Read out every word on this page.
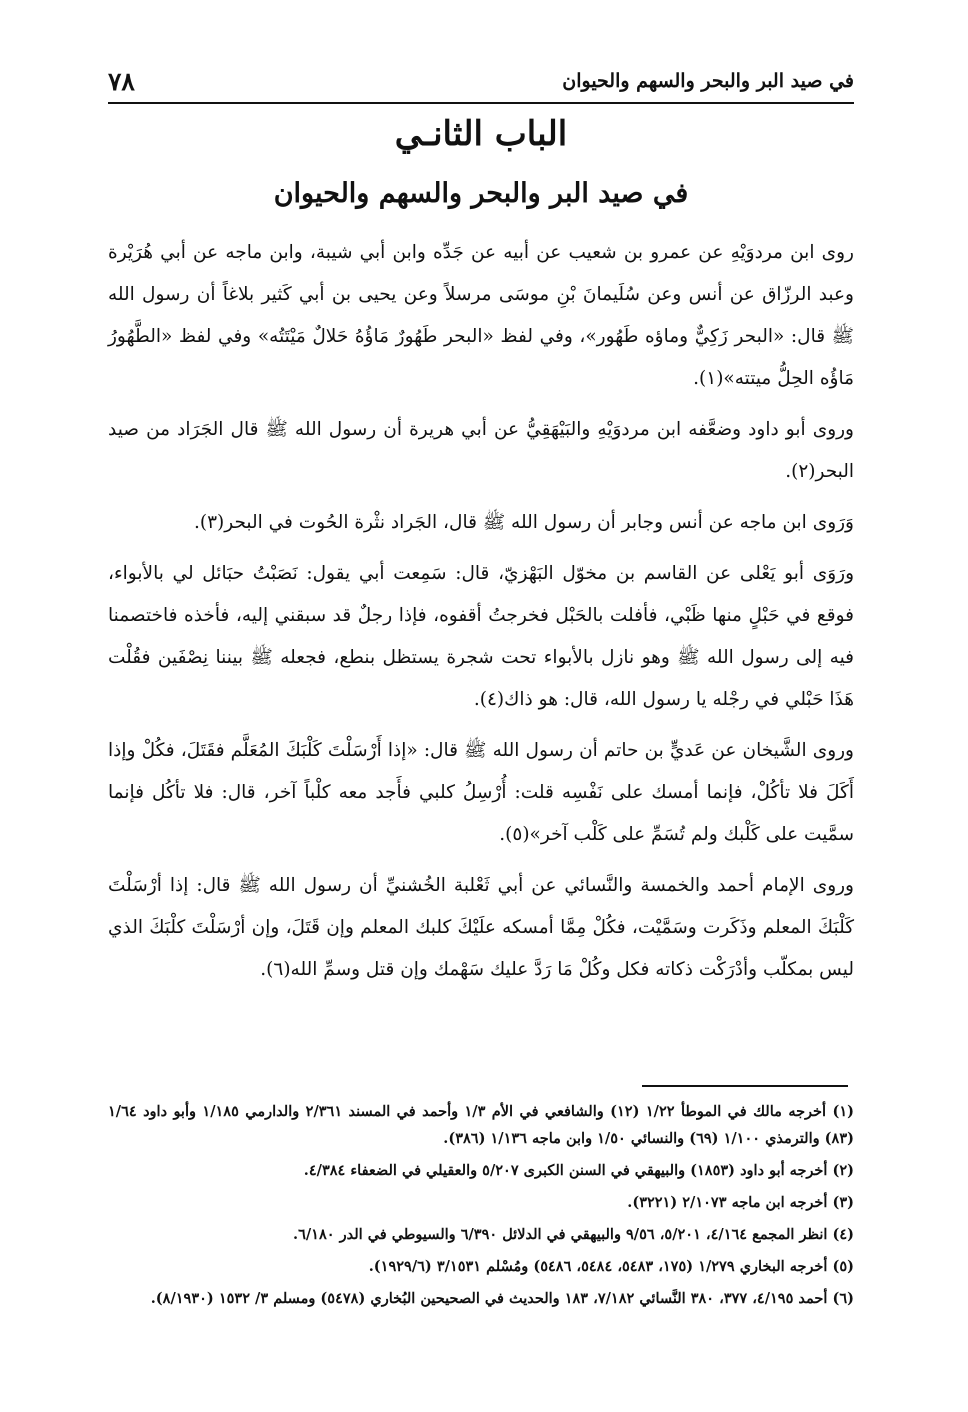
في صيد البر والبحر والسهم والحيوان
٧٨
الباب الثانـي
في صيد البر والبحر والسهم والحيوان

روى ابن مردوَيْهِ عن عمرو بن شعيب عن أبيه عن جَدِّه وابن أبي شيبة، وابن ماجه عن أبي هُرَيْرة وعبد الرزّاق عن أنس وعن سُلَيمانَ بْنِ موسَى مرسلاً وعن يحيى بن أبي كَثير بلاغاً أن رسول الله ﷺ قال: «البحر زَكِيٌّ وماؤه طَهُور»، وفي لفظ «البحر طَهُورٌ مَاؤُهُ حَلالٌ مَيْتَتُه» وفي لفظ «الطَّهُورُ مَاؤُه الحِلُّ ميتته»(١).

وروى أبو داود وضعَّفه ابن مردوَيْهِ والبَيْهَقِيُّ عن أبي هريرة أن رسول الله ﷺ قال الجَرَاد من صيد البحر(٢).

وَرَوى ابن ماجه عن أنس وجابر أن رسول الله ﷺ قال، الجَراد نثْرة الحُوت في البحر(٣).

ورَوَى أبو يَعْلى عن القاسم بن مخوّل البَهْزيّ، قال: سَمِعت أبي يقول: نَصَبْتُ حبَائل لي بالأبواء، فوقع في حَبْلٍ منها ظَبْي، فأفلت بالحَبْل فخرجتُ أقفوه، فإذا رجلٌ قد سبقني إليه، فأخذه فاختصمنا فيه إلى رسول الله ﷺ وهو نازل بالأبواء تحت شجرة يستظل بنطع، فجعله ﷺ بيننا نِصْفَين فقُلْت هَذَا حَبْلي في رجْله يا رسول الله، قال: هو ذاك(٤).

وروى الشَّيخان عن عَديٍّ بن حاتم أن رسول الله ﷺ قال: «إذا أَرْسَلْتَ كَلْبَكَ المُعَلَّم فقَتَلَ، فكُلْ وإذا أَكَلَ فلا تأكُلْ، فإنما أمسك على نَفْسِه قلت: أُرْسِلُ كلبي فأَجد معه كلْباً آخر، قال: فلا تأكُل فإنما سمَّيت على كَلْبك ولم تُسَمِّ على كَلْب آخر»(٥).

وروى الإمام أحمد والخمسة والنَّسائي عن أبي ثَعْلبة الخُشنيِّ أن رسول الله ﷺ قال: إذا أرْسَلْتَ كَلْبَكَ المعلم وذَكَرت وسَمَّيْت، فكُلْ مِمَّا أمسكه علَيْكَ كلبك المعلم وإن قَتَلَ، وإن أرْسَلْتَ كلْبَكَ الذي ليس بمكلّب وأدْرَكْت ذكاته فكل وكُلْ مَا رَدَّ عليك سَهْمك وإن قتل وسمِّ الله(٦).

(١) أخرجه مالك في الموطأ ١/٢٢ (١٢) والشافعي في الأم ١/٣ وأحمد في المسند ٢/٣٦١ والدارمي ١/١٨٥ وأبو داود ١/٦٤ (٨٣) والترمذي ١/١٠٠ (٦٩) والنسائي ١/٥٠ وابن ماجه ١/١٣٦ (٣٨٦).

(٢) أخرجه أبو داود (١٨٥٣) والبيهقي في السنن الكبرى ٥/٢٠٧ والعقيلي في الضعفاء ٤/٣٨٤.

(٣) أخرجه ابن ماجه ٢/١٠٧٣ (٣٢٢١).

(٤) انظر المجمع ٤/١٦٤، ٥/٢٠١، ٩/٥٦ والبيهقي في الدلائل ٦/٣٩٠ والسيوطي في الدر ٦/١٨٠.

(٥) أخرجه البخاري ١/٢٧٩ (١٧٥، ٥٤٨٣، ٥٤٨٤، ٥٤٨٦) ومُسْلم ٣/١٥٣١ (١٩٢٩/٦).

(٦) أحمد ٤/١٩٥، ٣٧٧، ٣٨٠ النَّسائي ٧/١٨٢، ١٨٣ والحديث في الصحيحين البُخاري (٥٤٧٨) ومسلم ٣/ ١٥٣٢ (٨/١٩٣٠).
